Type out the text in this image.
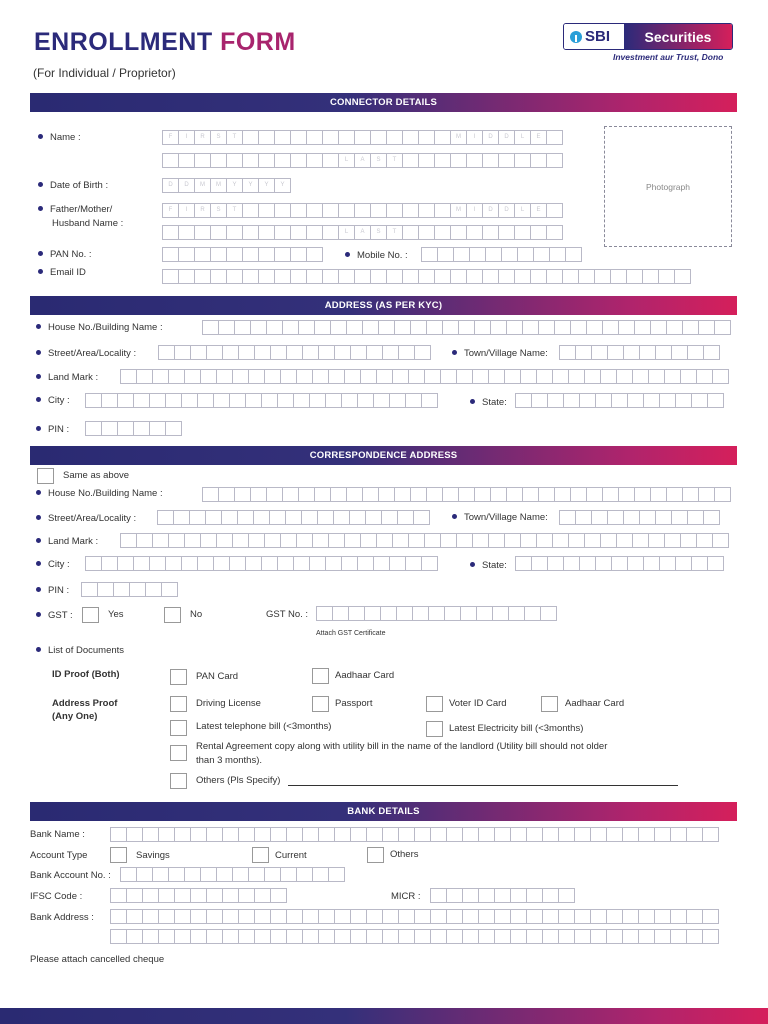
ENROLLMENT FORM
(For Individual / Proprietor)
SBI	Securities
Investment aur Trust, Dono
CONNECTOR DETAILS
Name :	F	I	R	S	T	M	I	D	D	L	E
L	A	S	T
Date of Birth :	D	D	M	M	Y	Y	Y	Y
Father/Mother/
Husband Name :
F	I	R	S	T	M	I	D	D	L	E
L	A	S	T
PAN No. :	Mobile No. :
Email ID
Photograph
ADDRESS (AS PER KYC)
House No./Building Name :
Street/Area/Locality :	Town/Village Name:
Land Mark :
City :	State:
PIN :
CORRESPONDENCE ADDRESS
Same as above
House No./Building Name :
Street/Area/Locality :	Town/Village Name:
Land Mark :
City :	State:
PIN :
GST :	Yes	No	GST No. :
Attach GST Certificate
List of Documents
ID Proof (Both)
Address Proof
(Any One)
PAN Card	Aadhaar Card
Driving License	Passport	Voter ID Card	Aadhaar Card
Latest telephone bill (<3months)	Latest Electricity bill (<3months)
Rental Agreement copy along with utility bill in the name of the landlord (Utility bill should not older
than 3 months).
Others (Pls Specify)
BANK DETAILS
Bank Name :
Account Type	Savings	Current	Others
Bank Account No. :
IFSC Code :	MICR :
Bank Address :
Please attach cancelled cheque
